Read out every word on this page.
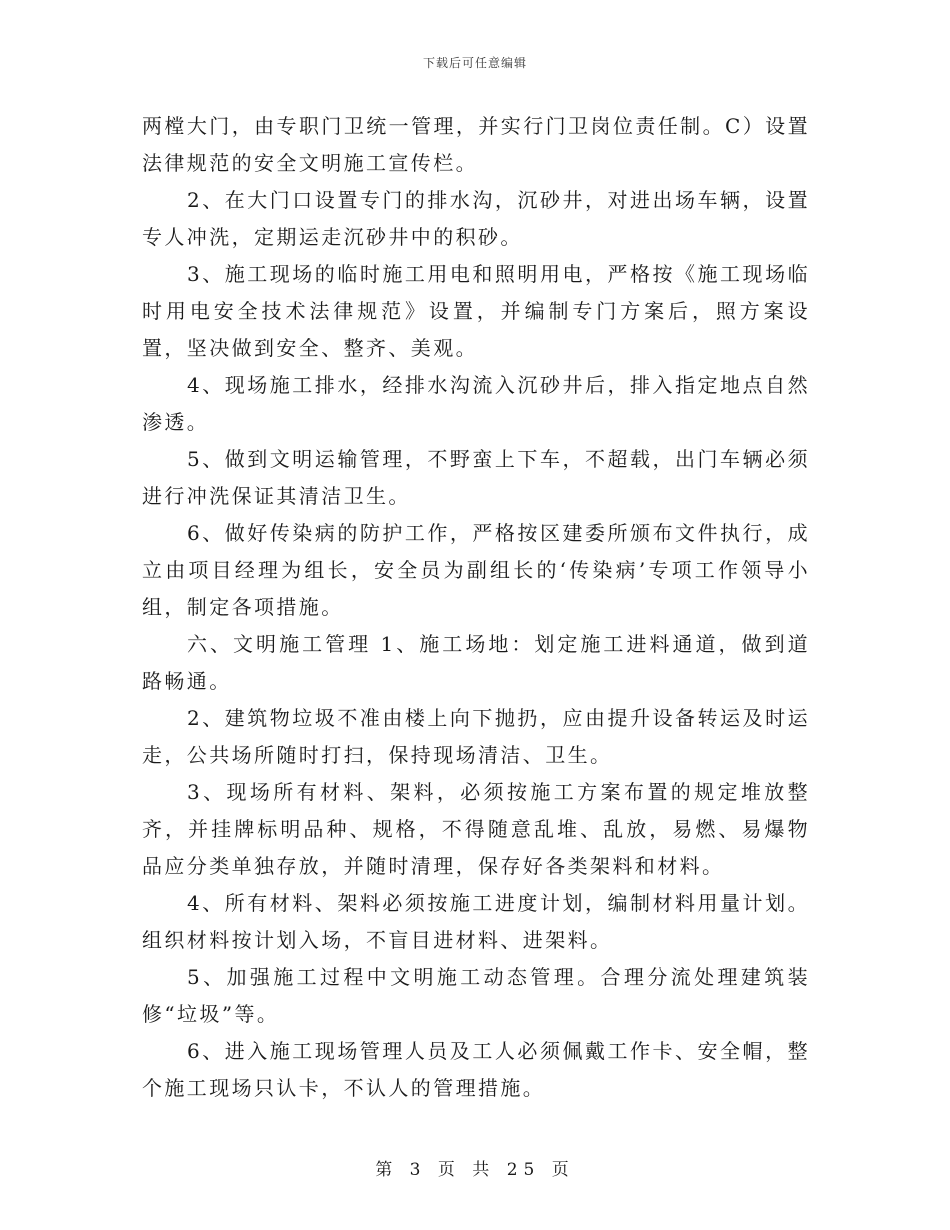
下载后可任意编辑

两樘大门，由专职门卫统一管理，并实行门卫岗位责任制。C）设置法律规范的安全文明施工宣传栏。

2、在大门口设置专门的排水沟，沉砂井，对进出场车辆，设置专人冲洗，定期运走沉砂井中的积砂。

3、施工现场的临时施工用电和照明用电，严格按《施工现场临时用电安全技术法律规范》设置，并编制专门方案后，照方案设置，坚决做到安全、整齐、美观。

4、现场施工排水，经排水沟流入沉砂井后，排入指定地点自然渗透。

5、做到文明运输管理，不野蛮上下车，不超载，出门车辆必须进行冲洗保证其清洁卫生。

6、做好传染病的防护工作，严格按区建委所颁布文件执行，成立由项目经理为组长，安全员为副组长的‘传染病’专项工作领导小组，制定各项措施。

六、文明施工管理 1、施工场地：划定施工进料通道，做到道路畅通。

2、建筑物垃圾不准由楼上向下抛扔，应由提升设备转运及时运走，公共场所随时打扫，保持现场清洁、卫生。

3、现场所有材料、架料，必须按施工方案布置的规定堆放整齐，并挂牌标明品种、规格，不得随意乱堆、乱放，易燃、易爆物品应分类单独存放，并随时清理，保存好各类架料和材料。

4、所有材料、架料必须按施工进度计划，编制材料用量计划。组织材料按计划入场，不盲目进材料、进架料。

5、加强施工过程中文明施工动态管理。合理分流处理建筑装修“垃圾”等。

6、进入施工现场管理人员及工人必须佩戴工作卡、安全帽，整个施工现场只认卡，不认人的管理措施。

第 3 页 共 25 页
